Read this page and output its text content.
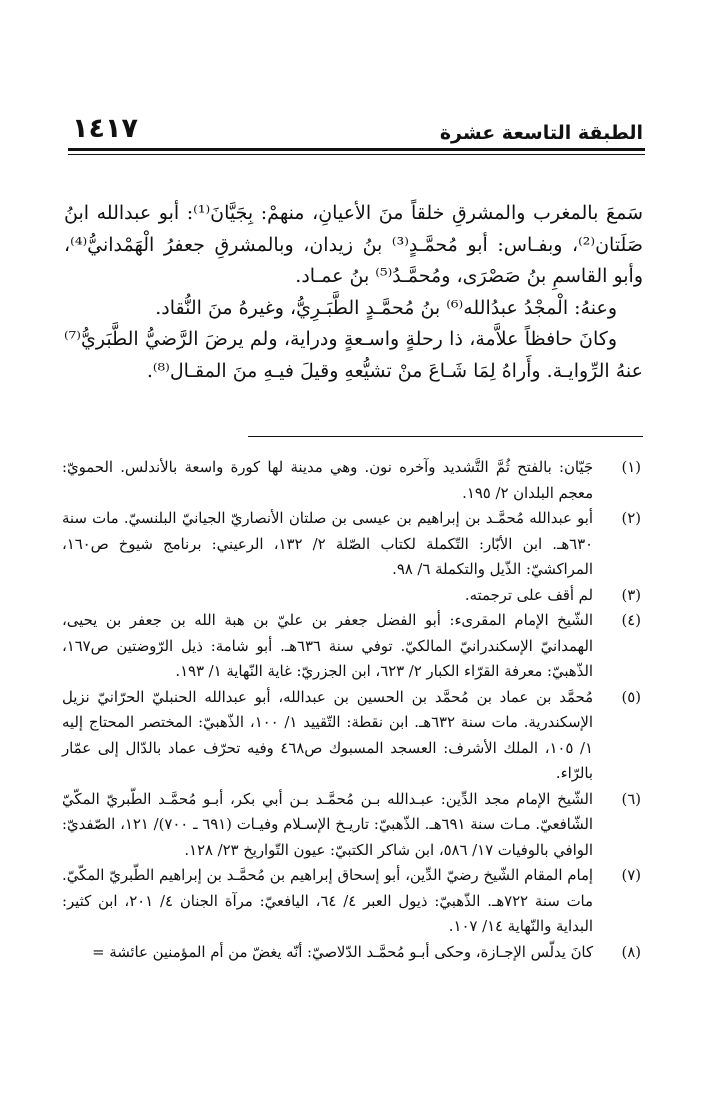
الطبقة التاسعة عشرة
١٤١٧

سَمعَ بالمغرب والمشرقِ خلقاً منَ الأعيانِ، منهمْ: بِجَيَّانَ⁽¹⁾: أبو عبدالله ابنُ صَلَتان⁽²⁾، وبفـاس: أبو مُحمَّـدٍ⁽³⁾ بنُ زيدان، وبالمشرقِ جعفرُ الْهَمْدانيُّ⁽⁴⁾، وأبو القاسمِ بنُ صَصْرَى، ومُحمَّـدُ⁽⁵⁾ بنُ عمـاد.

وعنهُ: الْمجْدُ عبدُالله⁽⁶⁾ بنُ مُحمَّـدٍ الطَّبَـرِيُّ، وغيرهُ منَ النُّقاد.

وكانَ حافظاً علاَّمة، ذا رحلةٍ واسـعةٍ ودراية، ولم يرضَ الرَّضيُّ الطَّبَريُّ⁽⁷⁾ عنهُ الرِّوايـة. وأَراهُ لِمَا شَـاعَ منْ تشيُّعهِ وقيلَ فيـهِ منَ المقـال⁽⁸⁾.

(١)
جَيّان: بالفتح ثُمَّ التَّشديد وآخره نون. وهي مدينة لها كورة واسعة بالأندلس. الحمويّ: معجم البلدان ٢/ ١٩٥.
(٢)
أبو عبدالله مُحمَّـد بن إبراهيم بن عيسى بن صلتان الأنصاريّ الجيانيّ البلنسيّ. مات سنة ٦٣٠هـ. ابن الأبّار: التّكملة لكتاب الصّلة ٢/ ١٣٢، الرعيني: برنامج شيوخ ص١٦٠، المراكشيّ: الذّيل والتكملة ٦/ ٩٨.
(٣)
لم أقف على ترجمته.
(٤)
الشّيخ الإمام المقرىء: أبو الفضل جعفر بن عليّ بن هبة الله بن جعفر بن يحيى، الهمدانيّ الإسكندرانيّ المالكيّ. توفي سنة ٦٣٦هـ. أبو شامة: ذيل الرّوضتين ص١٦٧، الذّهبيّ: معرفة القرّاء الكبار ٢/ ٦٢٣، ابن الجزريّ: غاية النّهاية ١/ ١٩٣.
(٥)
مُحمَّد بن عماد بن مُحمَّد بن الحسين بن عبدالله، أبو عبدالله الحنبليّ الحرّانيّ نزيل الإسكندرية. مات سنة ٦٣٢هـ. ابن نقطة: التّقييد ١/ ١٠٠، الذّهبيّ: المختصر المحتاج إليه ١/ ١٠٥، الملك الأشرف: العسجد المسبوك ص٤٦٨ وفيه تحرّف عماد بالدّال إلى عمّار بالرّاء.
(٦)
الشّيخ الإمام مجد الدِّين: عبـدالله بـن مُحمَّـد بـن أبي بكر، أبـو مُحمَّـد الطّبريّ المكّيّ الشّافعيّ. مـات سنة ٦٩١هـ. الذّهبيّ: تاريـخ الإسـلام وفيـات (٦٩١ ـ ٧٠٠)/ ١٢١، الصّفديّ: الوافي بالوفيات ١٧/ ٥٨٦، ابن شاكر الكتبيّ: عيون التّواريخ ٢٣/ ١٢٨.
(٧)
إمام المقام الشّيخ رضيّ الدِّين، أبو إسحاق إبراهيم بن مُحمَّـد بن إبراهيم الطّبريّ المكّيّ. مات سنة ٧٢٢هـ. الذّهبيّ: ذيول العبر ٤/ ٦٤، اليافعيّ: مرآة الجنان ٤/ ٢٠١، ابن كثير: البداية والنّهاية ١٤/ ١٠٧.
(٨)
كانَ يدلّس الإجـازة، وحكى أبـو مُحمَّـد الدّلاصيّ: أنّه يغضّ من أم المؤمنين عائشة =
